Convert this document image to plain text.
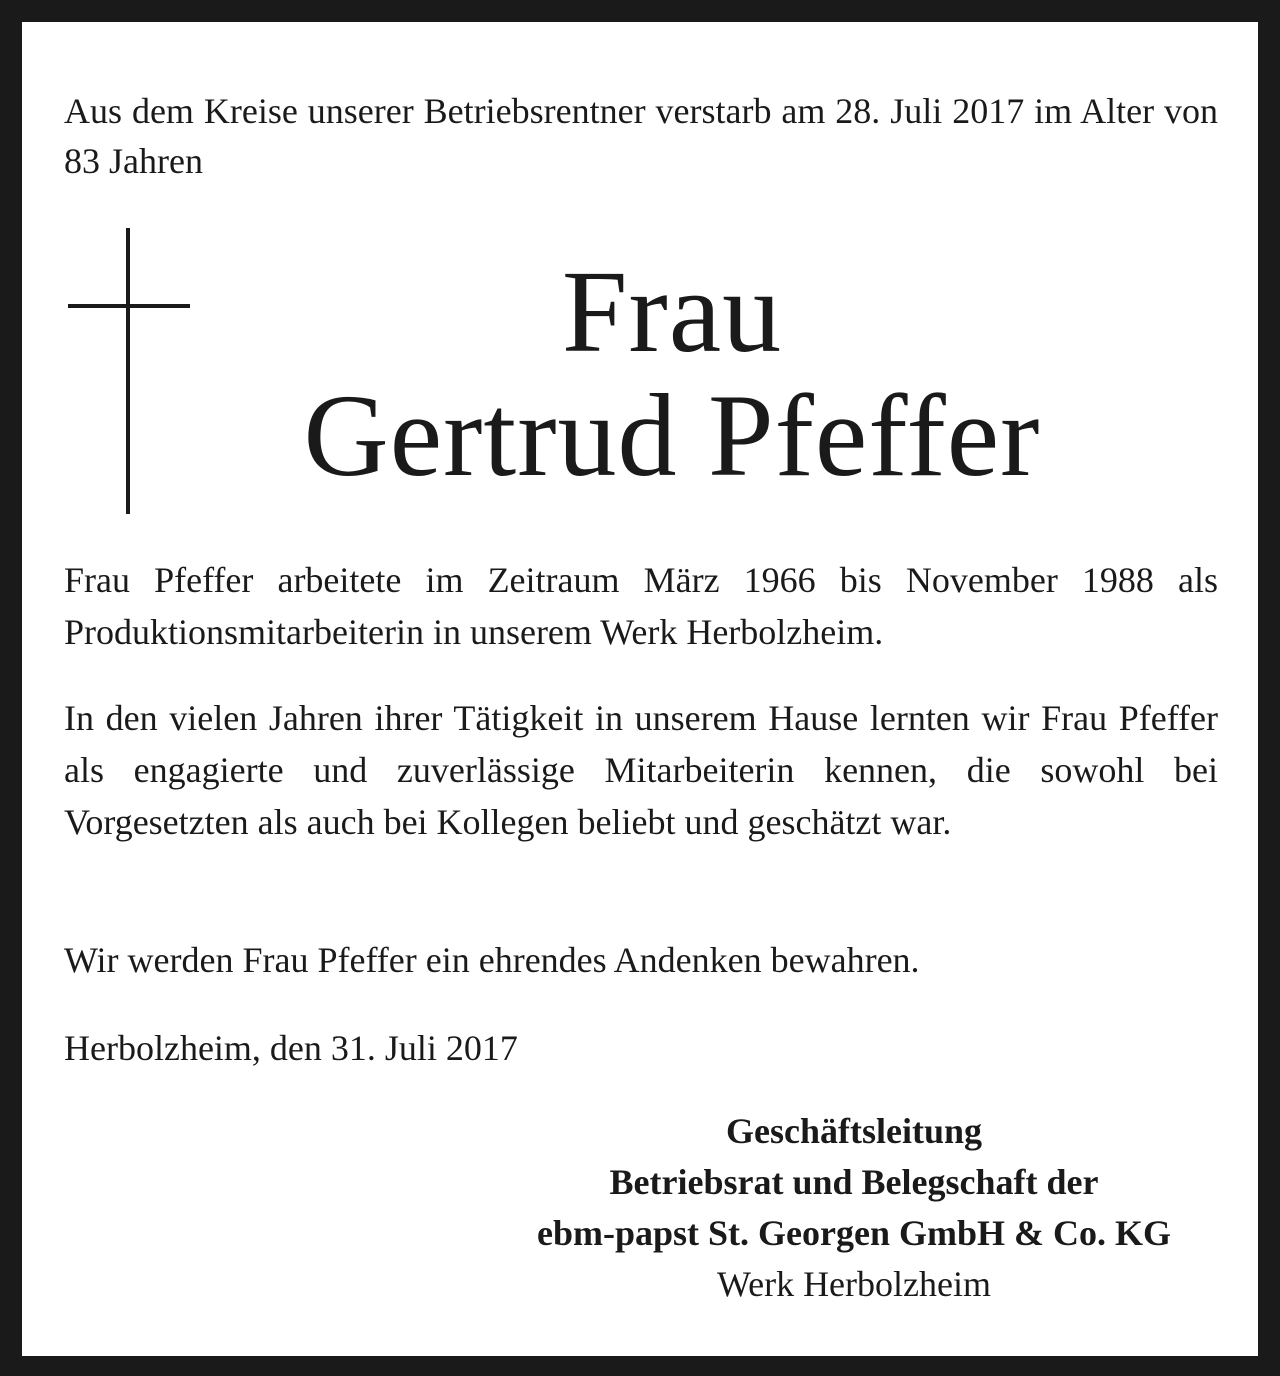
Aus dem Kreise unserer Betriebsrentner verstarb am 28. Juli 2017 im Alter von 83 Jahren

Frau

Gertrud Pfeffer

Frau Pfeffer arbeitete im Zeitraum März 1966 bis November 1988 als Produktionsmitarbeiterin in unserem Werk Herbolzheim.

In den vielen Jahren ihrer Tätigkeit in unserem Hause lernten wir Frau Pfeffer als engagierte und zuverlässige Mitarbeiterin kennen, die sowohl bei Vorgesetzten als auch bei Kollegen beliebt und geschätzt war.

Wir werden Frau Pfeffer ein ehrendes Andenken bewahren.

Herbolzheim, den 31. Juli 2017

Geschäftsleitung
Betriebsrat und Belegschaft der
ebm-papst St. Georgen GmbH & Co. KG
Werk Herbolzheim
